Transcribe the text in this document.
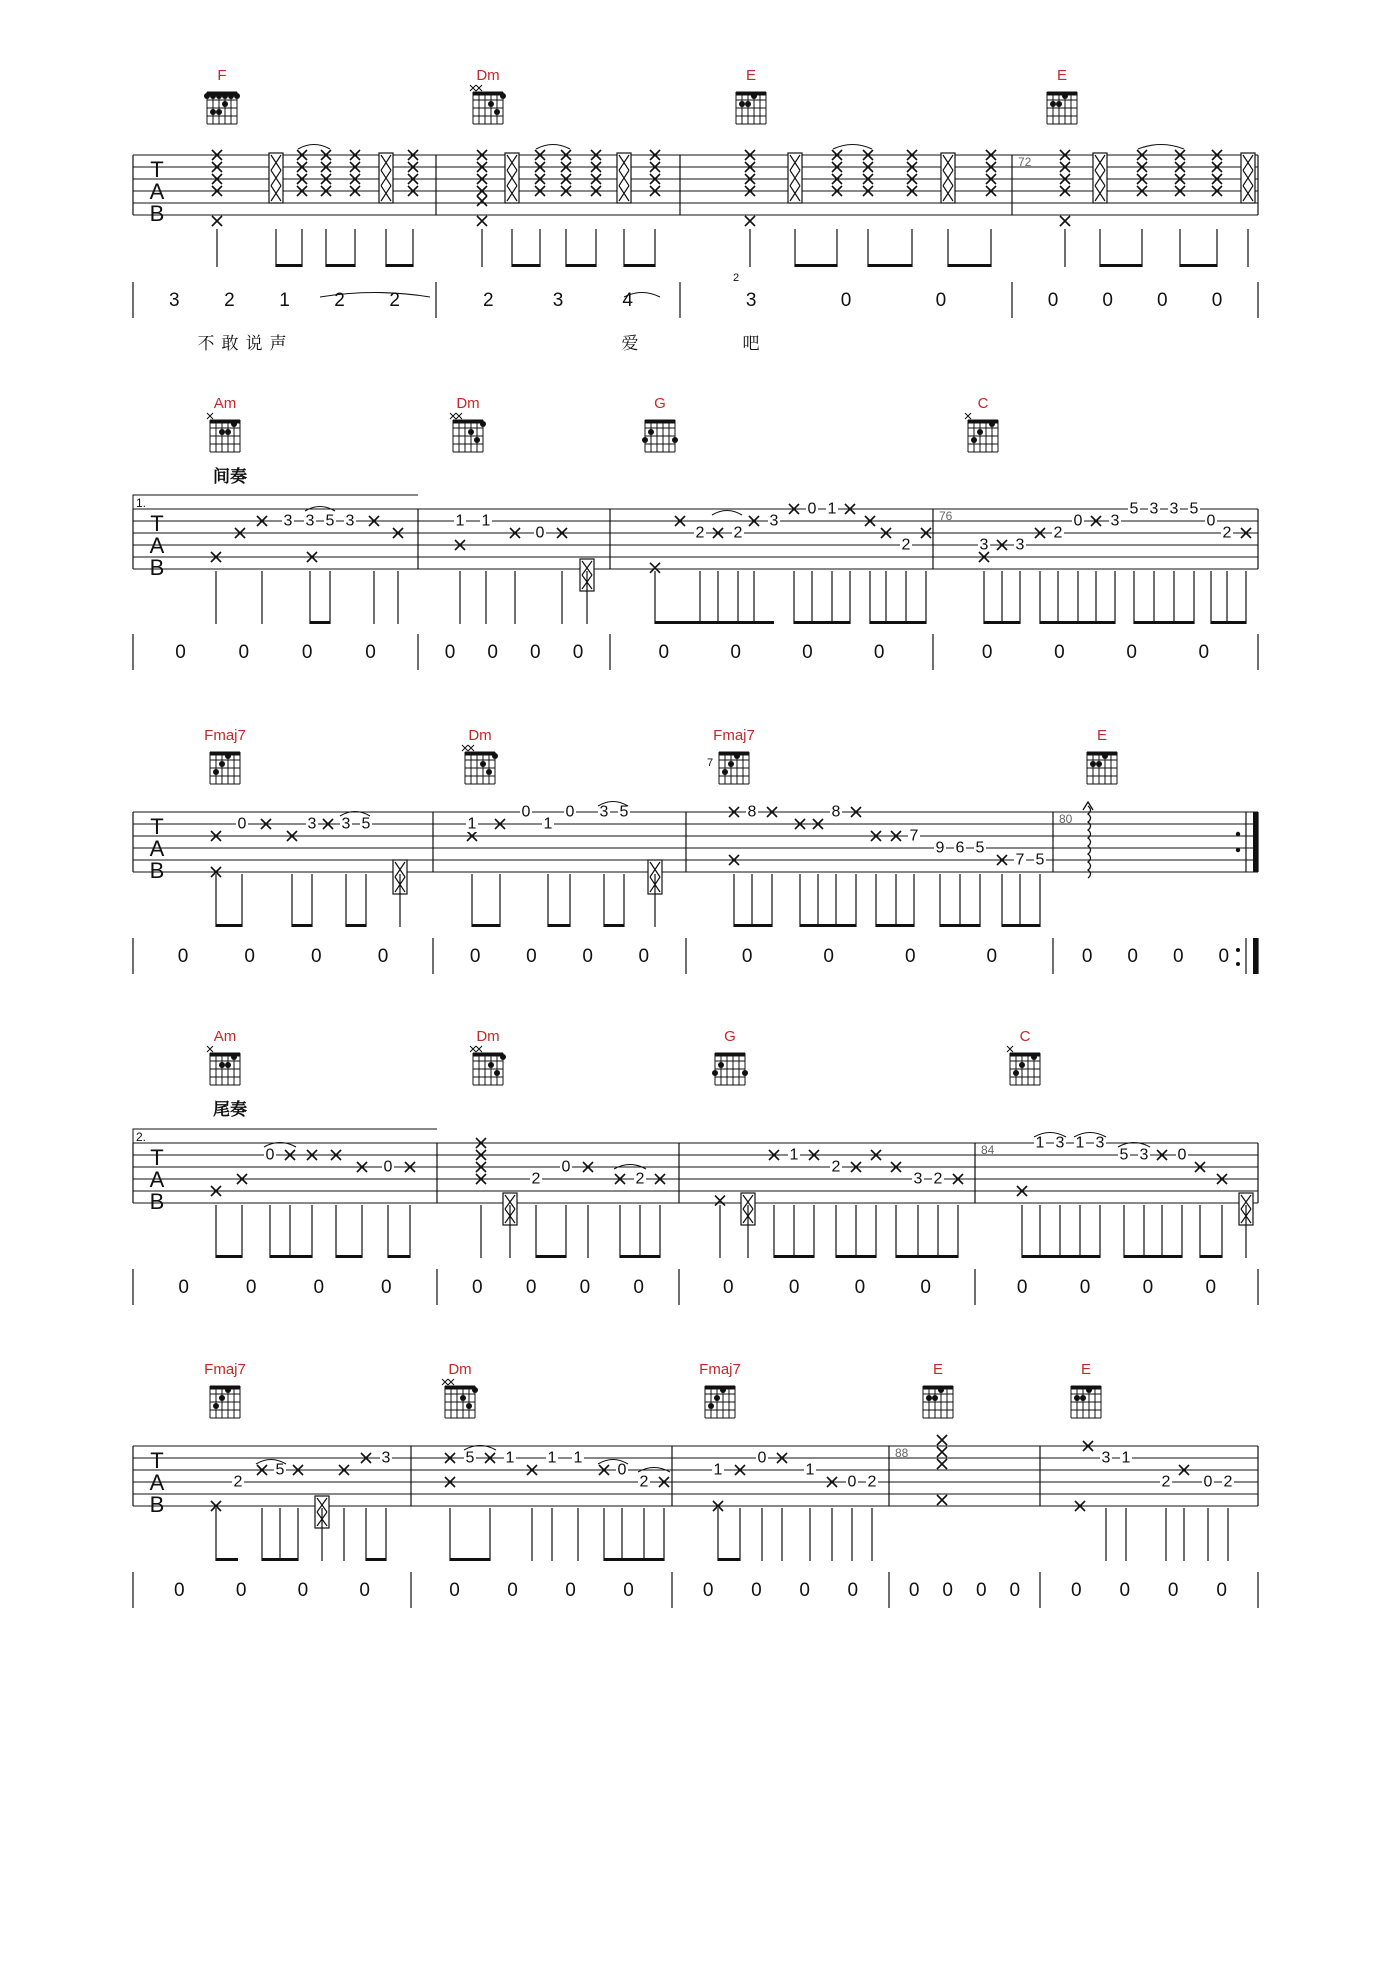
F	Dm	E	E
T
A
B
72
3 2 1 2 2	2	3	4	3	0	0	0 0 0 0
2
不 敢 说 声	爱	吧
Am	Dm	G	C
T
A
B
76
1.
间奏
0	0	0	0	0 0 0 0	0	0	0	0	0	0	0	0
3 3 5 3	1 1
0	2 2
3
0 1
2	3 3
2
0 3
5 3 3 5
0
2
Fmaj7	Dm	Fmaj7	E
T
A
B
80
0	0	0	0	0 0 0 0	0	0	0	0	0 0 0 0
0	3 3 5	1
0
1
0 3 5
7
8	8
7
9 6 5
7 5
Am	Dm	G	C
T
A
B
84
2.
尾奏
0	0	0	0	0 0 0 0	0	0	0	0	0	0	0	0
0
0
2
0
2
1
2
3 2
1 3 1 3
5 3 0
Fmaj7	Dm	Fmaj7	E	E
T
A
B
88
0	0	0	0	0 0 0 0	0 0 0 0	0 0 0 0	0 0 0 0
2
5
3	5 1 1 1
0
2
1
0
1
0 2
3 1
2 0 2
